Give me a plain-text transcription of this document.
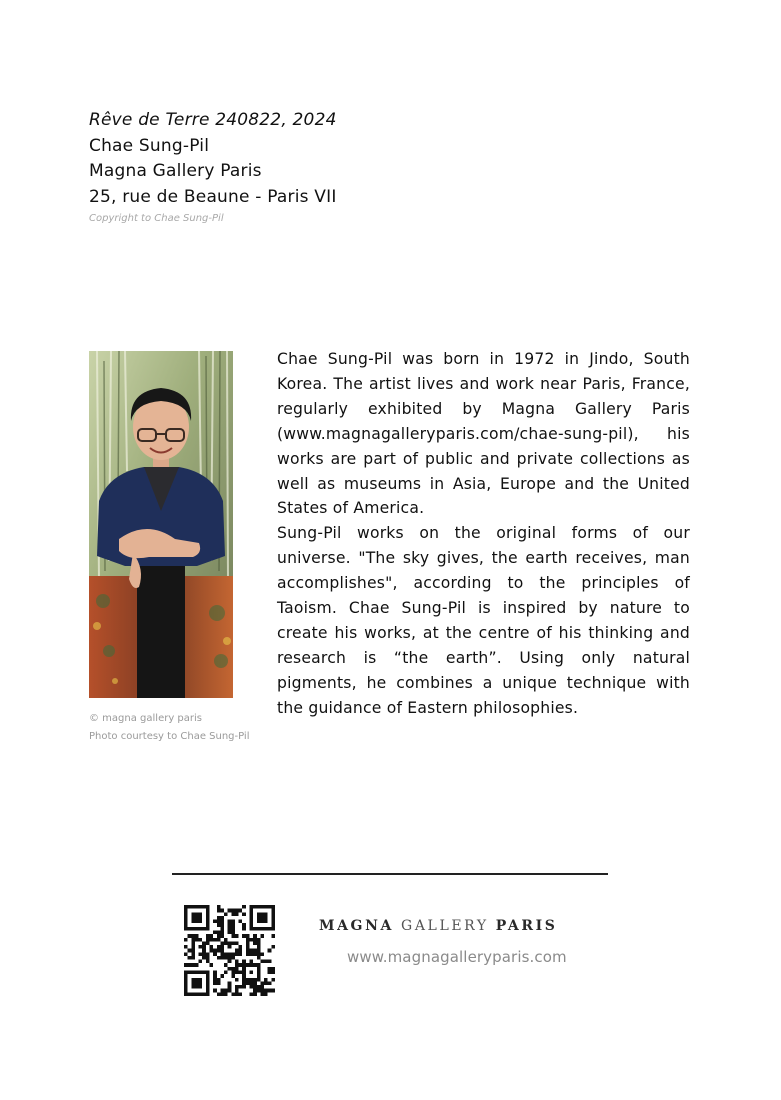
Rêve de Terre 240822, 2024
Chae Sung-Pil
Magna Gallery Paris
25, rue de Beaune - Paris VII
Copyright to Chae Sung-Pil
© magna gallery paris
Photo courtesy to Chae Sung-Pil

Chae Sung-Pil was born in 1972 in Jindo, South Korea. The artist lives and work near Paris, France, regularly exhibited by Magna Gallery Paris (www.magnagalleryparis.com/chae-sung-pil), his works are part of public and private collections as well as museums in Asia, Europe and the United States of America.

Sung-Pil works on the original forms of our universe. "The sky gives, the earth receives, man accomplishes", according to the principles of Taoism. Chae Sung-Pil is inspired by nature to create his works, at the centre of his thinking and research is “the earth”. Using only natural pigments, he combines a unique technique with the guidance of Eastern philosophies.

MAGNA GALLERY PARIS
www.magnagalleryparis.com
